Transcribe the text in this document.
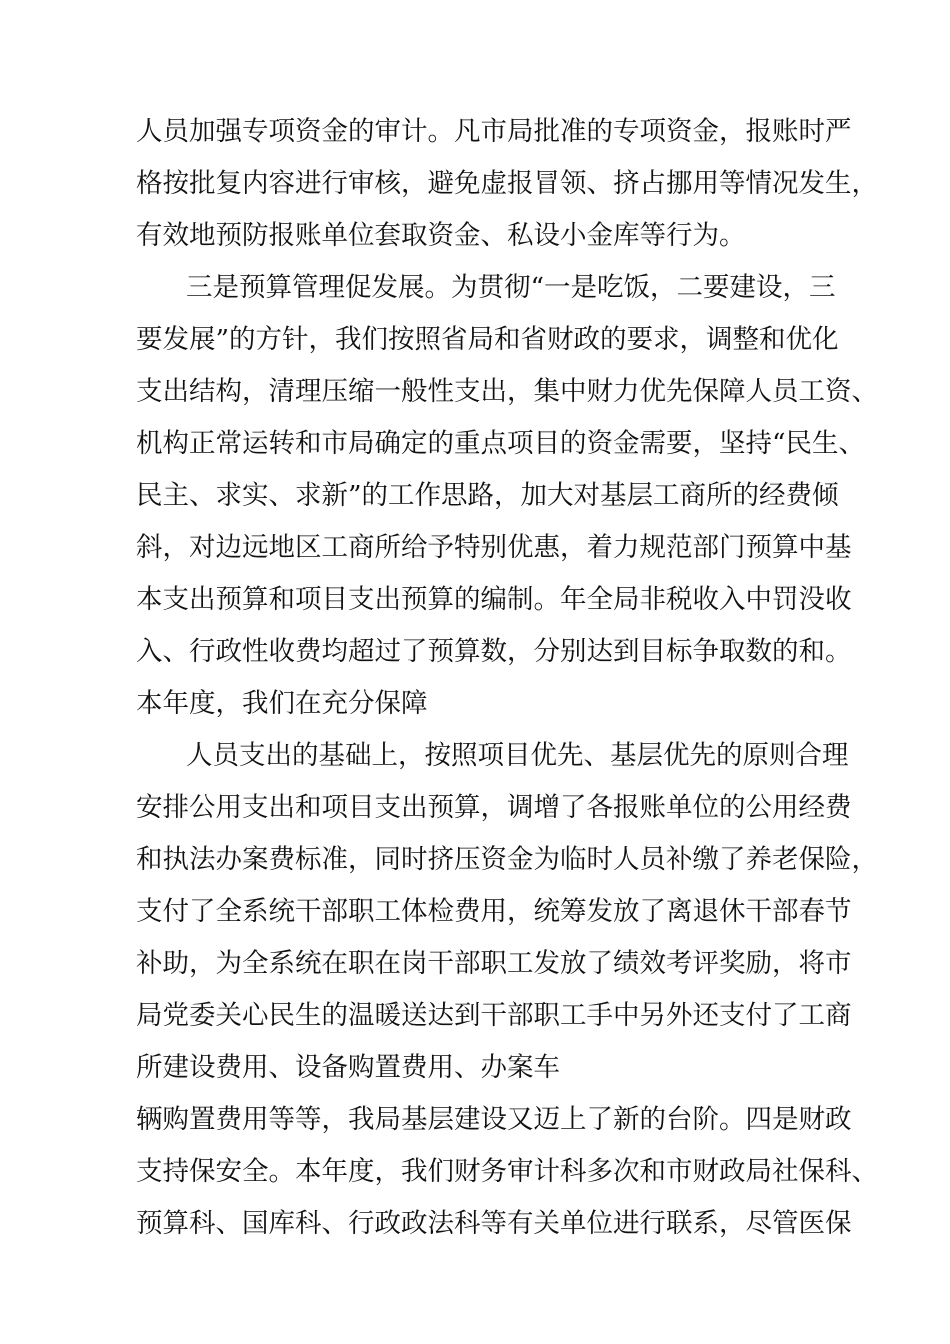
人员加强专项资金的审计。凡市局批准的专项资金，报账时严

格按批复内容进行审核，避免虚报冒领、挤占挪用等情况发生，

有效地预防报账单位套取资金、私设小金库等行为。

三是预算管理促发展。为贯彻“一是吃饭，二要建设，三

要发展”的方针，我们按照省局和省财政的要求，调整和优化

支出结构，清理压缩一般性支出，集中财力优先保障人员工资、

机构正常运转和市局确定的重点项目的资金需要，坚持“民生、

民主、求实、求新”的工作思路，加大对基层工商所的经费倾

斜，对边远地区工商所给予特别优惠，着力规范部门预算中基

本支出预算和项目支出预算的编制。年全局非税收入中罚没收

入、行政性收费均超过了预算数，分别达到目标争取数的和。

本年度，我们在充分保障

人员支出的基础上，按照项目优先、基层优先的原则合理

安排公用支出和项目支出预算，调增了各报账单位的公用经费

和执法办案费标准，同时挤压资金为临时人员补缴了养老保险，

支付了全系统干部职工体检费用，统筹发放了离退休干部春节

补助，为全系统在职在岗干部职工发放了绩效考评奖励，将市

局党委关心民生的温暖送达到干部职工手中另外还支付了工商

所建设费用、设备购置费用、办案车

辆购置费用等等，我局基层建设又迈上了新的台阶。四是财政

支持保安全。本年度，我们财务审计科多次和市财政局社保科、

预算科、国库科、行政政法科等有关单位进行联系，尽管医保
